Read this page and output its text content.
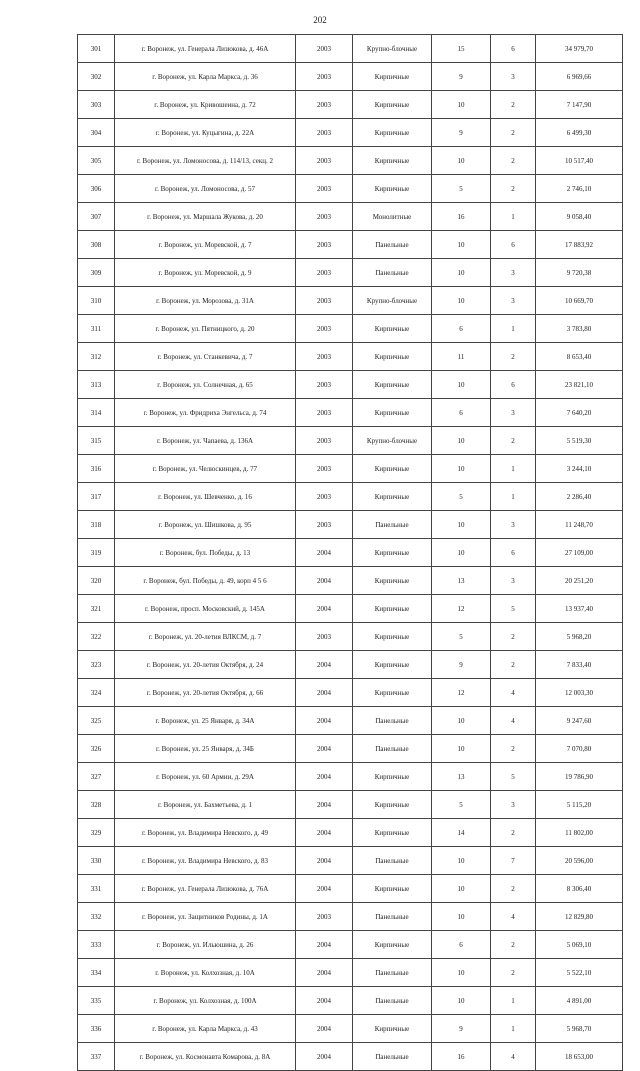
202
301	г. Воронеж, ул. Генерала Лизюкова, д. 46А	2003	Крупно-блочные	15	6	34 979,70
302	г. Воронеж, ул. Карла Маркса, д. 36	2003	Кирпичные	9	3	6 969,66
303	г. Воронеж, ул. Кривошеина, д. 72	2003	Кирпичные	10	2	7 147,90
304	г. Воронеж, ул. Куцыгина, д. 22А	2003	Кирпичные	9	2	6 499,30
305	г. Воронеж, ул. Ломоносова, д. 114/13, секц. 2	2003	Кирпичные	10	2	10 517,40
306	г. Воронеж, ул. Ломоносова, д. 57	2003	Кирпичные	5	2	2 746,10
307	г. Воронеж, ул. Маршала Жукова, д. 20	2003	Монолитные	16	1	9 058,40
308	г. Воронеж, ул. Моревской, д. 7	2003	Панельные	10	6	17 883,92
309	г. Воронеж, ул. Моревской, д. 9	2003	Панельные	10	3	9 720,38
310	г. Воронеж, ул. Морозова, д. 31А	2003	Крупно-блочные	10	3	10 669,70
311	г. Воронеж, ул. Пятницкого, д. 20	2003	Кирпичные	6	1	3 783,80
312	г. Воронеж, ул. Станкевича, д. 7	2003	Кирпичные	11	2	8 653,40
313	г. Воронеж, ул. Солнечная, д. 65	2003	Кирпичные	10	6	23 821,10
314	г. Воронеж, ул. Фридриха Энгельса, д. 74	2003	Кирпичные	6	3	7 640,20
315	г. Воронеж, ул. Чапаева, д. 136А	2003	Крупно-блочные	10	2	5 519,30
316	г. Воронеж, ул. Челюскинцев, д. 77	2003	Кирпичные	10	1	3 244,10
317	г. Воронеж, ул. Шевченко, д. 16	2003	Кирпичные	5	1	2 286,40
318	г. Воронеж, ул. Шишкова, д. 95	2003	Панельные	10	3	11 248,70
319	г. Воронеж, бул. Победы, д. 13	2004	Кирпичные	10	6	27 109,00
320	г. Воронеж, бул. Победы, д. 49, корп 4 5 6	2004	Кирпичные	13	3	20 251,20
321	г. Воронеж, просп. Московский, д. 145А	2004	Кирпичные	12	5	13 937,40
322	г. Воронеж, ул. 20-летия ВЛКСМ, д. 7	2003	Кирпичные	5	2	5 968,20
323	г. Воронеж, ул. 20-летия Октября, д. 24	2004	Кирпичные	9	2	7 833,40
324	г. Воронеж, ул. 20-летия Октября, д. 66	2004	Кирпичные	12	4	12 003,30
325	г. Воронеж, ул. 25 Января, д. 34А	2004	Панельные	10	4	9 247,60
326	г. Воронеж, ул. 25 Января, д. 34Б	2004	Панельные	10	2	7 070,80
327	г. Воронеж, ул. 60 Армии, д. 29А	2004	Кирпичные	13	5	19 786,90
328	г. Воронеж, ул. Бахметьева, д. 1	2004	Кирпичные	5	3	5 115,20
329	г. Воронеж, ул. Владимира Невского, д. 49	2004	Кирпичные	14	2	11 802,00
330	г. Воронеж, ул. Владимира Невского, д. 83	2004	Панельные	10	7	20 596,00
331	г. Воронеж, ул. Генерала Лизюкова, д. 76А	2004	Кирпичные	10	2	8 306,40
332	г. Воронеж, ул. Защитников Родины, д. 1А	2003	Панельные	10	4	12 829,80
333	г. Воронеж, ул. Ильюшина, д. 26	2004	Кирпичные	6	2	5 069,10
334	г. Воронеж, ул. Колхозная, д. 10А	2004	Панельные	10	2	5 522,10
335	г. Воронеж, ул. Колхозная, д. 100А	2004	Панельные	10	1	4 891,00
336	г. Воронеж, ул. Карла Маркса, д. 43	2004	Кирпичные	9	1	5 968,70
337	г. Воронеж, ул. Космонавта Комарова, д. 8А	2004	Панельные	16	4	18 653,00
